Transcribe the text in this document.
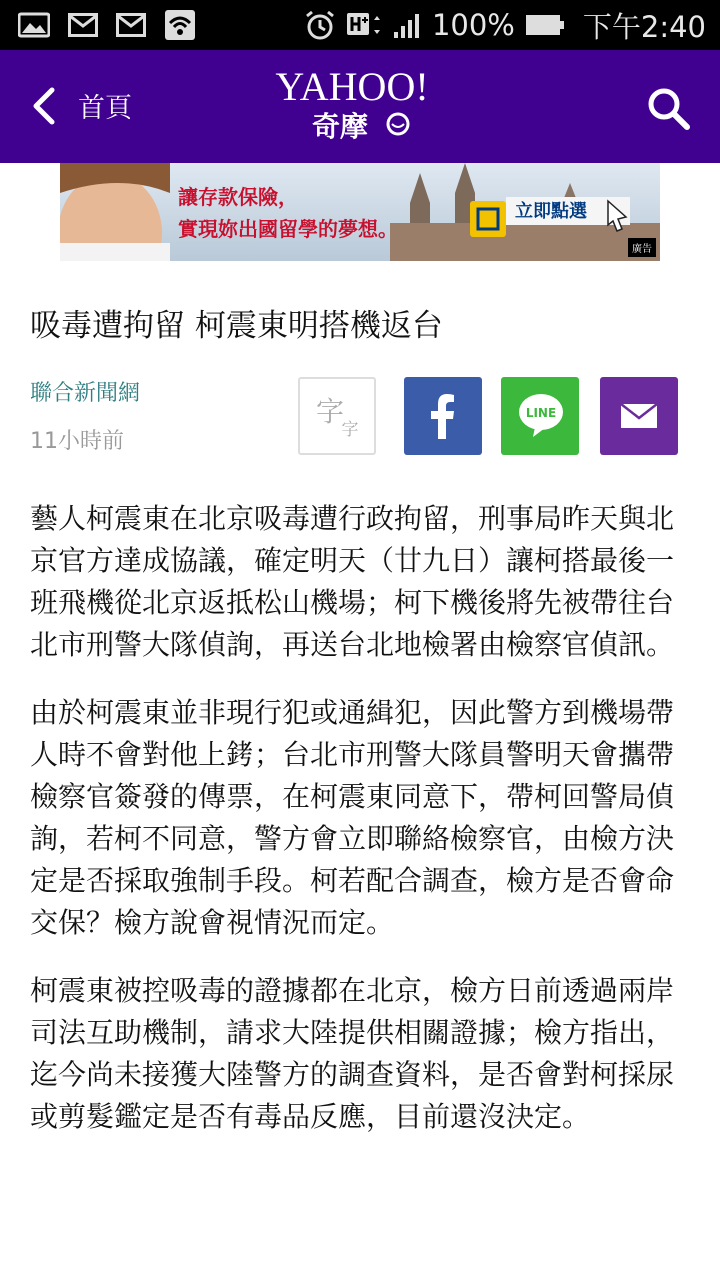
100% 下午2:40
首頁	YAHOO!
奇摩
讓存款保險，
實現妳出國留學的夢想。
立即點選
廣告
吸毒遭拘留 柯震東明搭機返台
聯合新聞網
11小時前
字
字
LINE

藝人柯震東在北京吸毒遭行政拘留，刑事局昨天與北京官方達成協議，確定明天（廿九日）讓柯搭最後一班飛機從北京返抵松山機場；柯下機後將先被帶往台北市刑警大隊偵詢，再送台北地檢署由檢察官偵訊。

由於柯震東並非現行犯或通緝犯，因此警方到機場帶人時不會對他上銬；台北市刑警大隊員警明天會攜帶檢察官簽發的傳票，在柯震東同意下，帶柯回警局偵詢，若柯不同意，警方會立即聯絡檢察官，由檢方決定是否採取強制手段。柯若配合調查，檢方是否會命交保？檢方說會視情況而定。

柯震東被控吸毒的證據都在北京，檢方日前透過兩岸司法互助機制，請求大陸提供相關證據；檢方指出，迄今尚未接獲大陸警方的調查資料，是否會對柯採尿或剪髮鑑定是否有毒品反應，目前還沒決定。
